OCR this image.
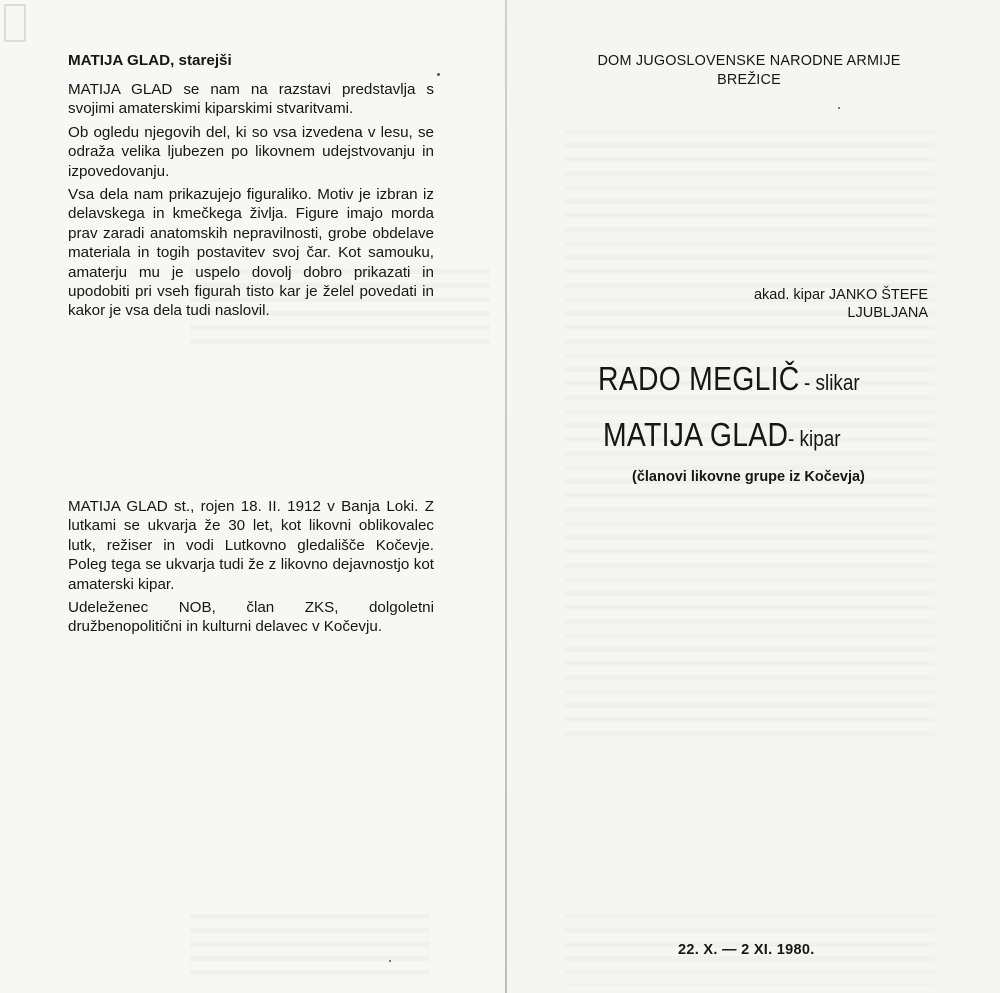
MATIJA GLAD, starejši

MATIJA GLAD se nam na razstavi predstavlja s svojimi amaterskimi kiparskimi stvaritvami.

Ob ogledu njegovih del, ki so vsa izvedena v lesu, se odraža velika ljubezen po likovnem udejstvovanju in izpovedovanju.

Vsa dela nam prikazujejo figuraliko. Motiv je izbran iz delavskega in kmečkega življa. Figure imajo morda prav zaradi anatomskih nepravilnosti, grobe obdelave materiala in togih postavitev svoj čar. Kot samouku, amaterju mu je uspelo dovolj dobro prikazati in upodobiti pri vseh figurah tisto kar je želel povedati in kakor je vsa dela tudi naslovil.

akad. kipar JANKO ŠTEFE
LJUBLJANA

MATIJA GLAD st., rojen 18. II. 1912 v Banja Loki. Z lutkami se ukvarja že 30 let, kot likovni oblikovalec lutk, režiser in vodi Lutkovno gledališče Kočevje. Poleg tega se ukvarja tudi že z likovno dejavnostjo kot amaterski kipar.

Udeleženec NOB, član ZKS, dolgoletni družbenopolitični in kulturni delavec v Kočevju.

DOM JUGOSLOVENSKE NARODNE ARMIJE
BREŽICE
RADO MEGLIČ- slikar
MATIJA GLAD- kipar
(članovi likovne grupe iz Kočevja)
22. X. — 2 XI. 1980.
